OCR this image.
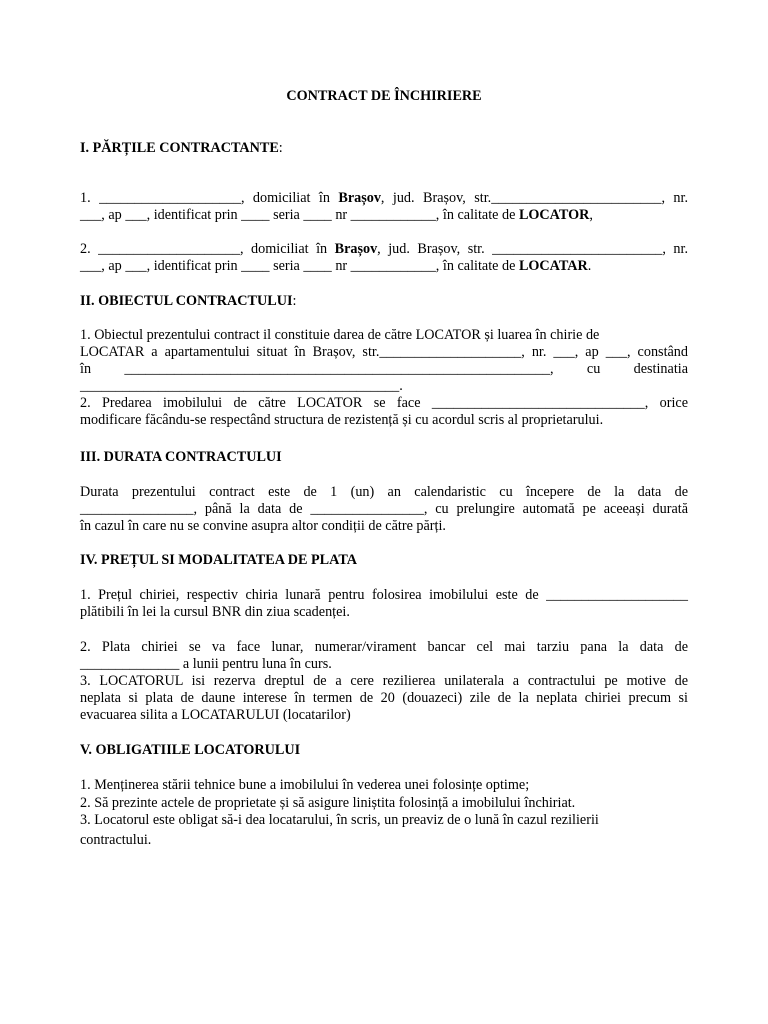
CONTRACT DE ÎNCHIRIERE
I. PĂRȚILE CONTRACTANTE:
1. ____________________, domiciliat în Brașov, jud. Brașov, str.________________________, nr.
___, ap ___, identificat prin ____ seria ____ nr ____________, în calitate de LOCATOR,
2. ____________________, domiciliat în Brașov, jud. Brașov, str. ________________________, nr.
___, ap ___, identificat prin ____ seria ____ nr ____________, în calitate de LOCATAR.
II. OBIECTUL CONTRACTULUI:
1. Obiectul prezentului contract il constituie darea de către LOCATOR și luarea în chirie de
LOCATAR a apartamentului situat în Brașov, str.____________________, nr. ___, ap ___, constând
în ____________________________________________________________, cu destinatia
_____________________________________________.
2. Predarea imobilului de către LOCATOR se face ______________________________, orice
modificare făcându-se respectând structura de rezistență și cu acordul scris al proprietarului.
III. DURATA CONTRACTULUI
Durata prezentului contract este de 1 (un) an calendaristic cu începere de la data de
________________, până la data de ________________, cu prelungire automată pe aceeași durată
în cazul în care nu se convine asupra altor condiții de către părți.
IV. PREȚUL SI MODALITATEA DE PLATA
1. Prețul chiriei, respectiv chiria lunară pentru folosirea imobilului este de ____________________
plătibili în lei la cursul BNR din ziua scadenței.
2. Plata chiriei se va face lunar, numerar/virament bancar cel mai tarziu pana la data de
______________ a lunii pentru luna în curs.
3. LOCATORUL isi rezerva dreptul de a cere rezilierea unilaterala a contractului pe motive de
neplata si plata de daune interese în termen de 20 (douazeci) zile de la neplata chiriei precum si
evacuarea silita a LOCATARULUI (locatarilor)
V. OBLIGATIILE LOCATORULUI
1. Menținerea stării tehnice bune a imobilului în vederea unei folosințe optime;
2. Să prezinte actele de proprietate și să asigure liniștita folosință a imobilului închiriat.
3. Locatorul este obligat să-i dea locatarului, în scris, un preaviz de o lună în cazul rezilierii
contractului.
